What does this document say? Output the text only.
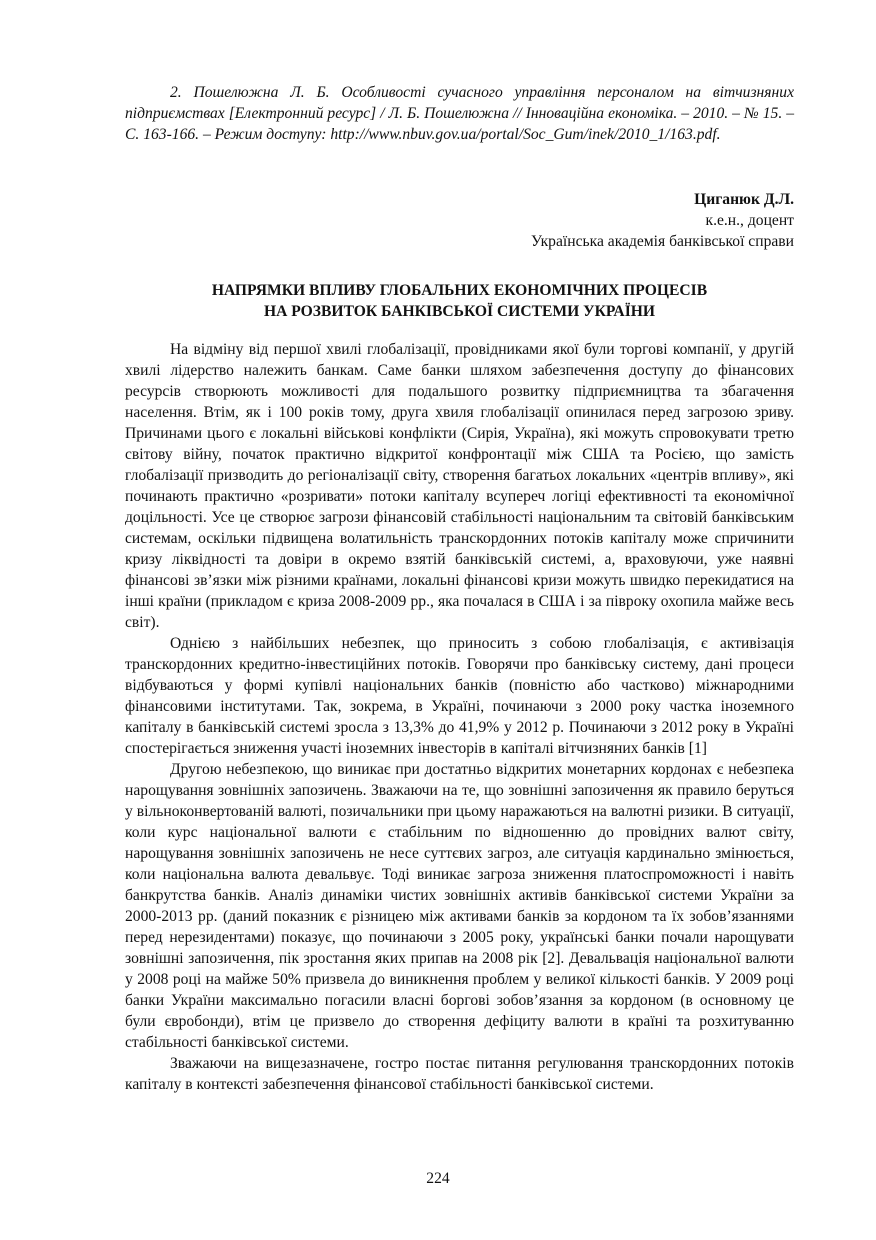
2. Пошелюжна Л. Б. Особливості сучасного управління персоналом на вітчизняних підприємствах [Електронний ресурс] / Л. Б. Пошелюжна // Інноваційна економіка. – 2010. – № 15. – С. 163-166. – Режим доступу: http://www.nbuv.gov.ua/portal/Soc_Gum/inek/2010_1/163.pdf.

Циганюк Д.Л.
к.е.н., доцент
Українська академія банківської справи
НАПРЯМКИ ВПЛИВУ ГЛОБАЛЬНИХ ЕКОНОМІЧНИХ ПРОЦЕСІВ
НА РОЗВИТОК БАНКІВСЬКОЇ СИСТЕМИ УКРАЇНИ

На відміну від першої хвилі глобалізації, провідниками якої були торгові компанії, у другій хвилі лідерство належить банкам. Саме банки шляхом забезпечення доступу до фінансових ресурсів створюють можливості для подальшого розвитку підприємництва та збагачення населення. Втім, як і 100 років тому, друга хвиля глобалізації опинилася перед загрозою зриву. Причинами цього є локальні військові конфлікти (Сирія, Україна), які можуть спровокувати третю світову війну, початок практично відкритої конфронтації між США та Росією, що замість глобалізації призводить до регіоналізації світу, створення багатьох локальних «центрів впливу», які починають практично «розривати» потоки капіталу всупереч логіці ефективності та економічної доцільності. Усе це створює загрози фінансовій стабільності національним та світовій банківським системам, оскільки підвищена волатильність транскордонних потоків капіталу може спричинити кризу ліквідності та довіри в окремо взятій банківській системі, а, враховуючи, уже наявні фінансові зв’язки між різними країнами, локальні фінансові кризи можуть швидко перекидатися на інші країни (прикладом є криза 2008-2009 рр., яка почалася в США і за півроку охопила майже весь світ).

Однією з найбільших небезпек, що приносить з собою глобалізація, є активізація транскордонних кредитно-інвестиційних потоків. Говорячи про банківську систему, дані процеси відбуваються у формі купівлі національних банків (повністю або частково) міжнародними фінансовими інститутами. Так, зокрема, в Україні, починаючи з 2000 року частка іноземного капіталу в банківській системі зросла з 13,3% до 41,9% у 2012 р. Починаючи з 2012 року в Україні спостерігається зниження участі іноземних інвесторів в капіталі вітчизняних банків [1]

Другою небезпекою, що виникає при достатньо відкритих монетарних кордонах є небезпека нарощування зовнішніх запозичень. Зважаючи на те, що зовнішні запозичення як правило беруться у вільноконвертованій валюті, позичальники при цьому наражаються на валютні ризики. В ситуації, коли курс національної валюти є стабільним по відношенню до провідних валют світу, нарощування зовнішніх запозичень не несе суттєвих загроз, але ситуація кардинально змінюється, коли національна валюта девальвує. Тоді виникає загроза зниження платоспроможності і навіть банкрутства банків. Аналіз динаміки чистих зовнішніх активів банківської системи України за 2000-2013 рр. (даний показник є різницею між активами банків за кордоном та їх зобов’язаннями перед нерезидентами) показує, що починаючи з 2005 року, українські банки почали нарощувати зовнішні запозичення, пік зростання яких припав на 2008 рік [2]. Девальвація національної валюти у 2008 році на майже 50% призвела до виникнення проблем у великої кількості банків. У 2009 році банки України максимально погасили власні боргові зобов’язання за кордоном (в основному це були євробонди), втім це призвело до створення дефіциту валюти в країні та розхитуванню стабільності банківської системи.

Зважаючи на вищезазначене, гостро постає питання регулювання транскордонних потоків капіталу в контексті забезпечення фінансової стабільності банківської системи.

224
